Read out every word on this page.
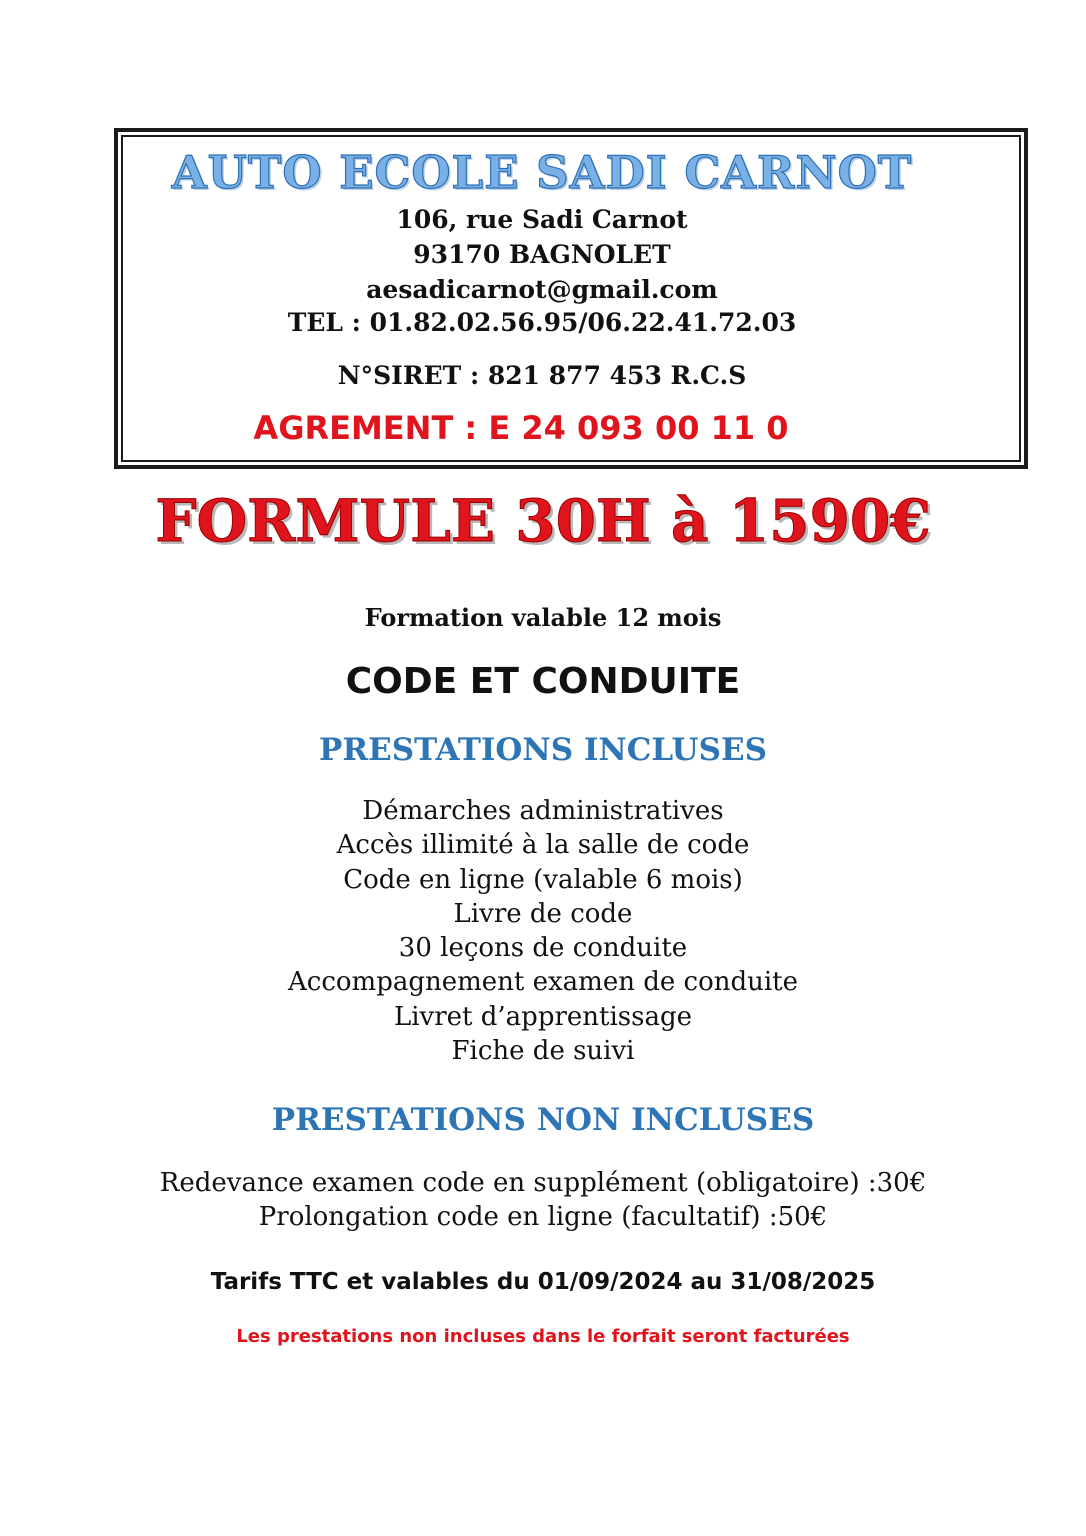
AUTO ECOLE SADI CARNOT
106, rue Sadi Carnot
93170 BAGNOLET
aesadicarnot@gmail.com
TEL : 01.82.02.56.95/06.22.41.72.03
N°SIRET : 821 877 453 R.C.S
AGREMENT : E 24 093 00 11 0
FORMULE 30H à 1590€
Formation valable 12 mois
CODE ET CONDUITE
PRESTATIONS INCLUSES
Démarches administratives
Accès illimité à la salle de code
Code en ligne (valable 6 mois)
Livre de code
30 leçons de conduite
Accompagnement examen de conduite
Livret d’apprentissage
Fiche de suivi
PRESTATIONS NON INCLUSES
Redevance examen code en supplément (obligatoire) :30€
Prolongation code en ligne (facultatif) :50€
Tarifs TTC et valables du 01/09/2024 au 31/08/2025
Les prestations non incluses dans le forfait seront facturées
